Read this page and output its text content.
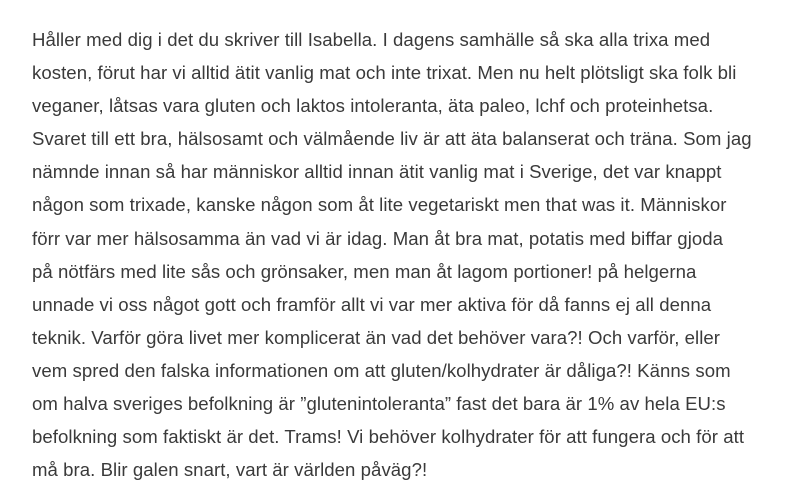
Håller med dig i det du skriver till Isabella. I dagens samhälle så ska alla trixa med
kosten, förut har vi alltid ätit vanlig mat och inte trixat. Men nu helt plötsligt ska folk bli
veganer, låtsas vara gluten och laktos intoleranta, äta paleo, lchf och proteinhetsa.
Svaret till ett bra, hälsosamt och välmående liv är att äta balanserat och träna. Som jag
nämnde innan så har människor alltid innan ätit vanlig mat i Sverige, det var knappt
någon som trixade, kanske någon som åt lite vegetariskt men that was it. Människor
förr var mer hälsosamma än vad vi är idag. Man åt bra mat, potatis med biffar gjoda
på nötfärs med lite sås och grönsaker, men man åt lagom portioner! på helgerna
unnade vi oss något gott och framför allt vi var mer aktiva för då fanns ej all denna
teknik. Varför göra livet mer komplicerat än vad det behöver vara?! Och varför, eller
vem spred den falska informationen om att gluten/kolhydrater är dåliga?! Känns som
om halva sveriges befolkning är ”glutenintoleranta” fast det bara är 1% av hela EU:s
befolkning som faktiskt är det. Trams! Vi behöver kolhydrater för att fungera och för att
må bra. Blir galen snart, vart är världen påväg?!
